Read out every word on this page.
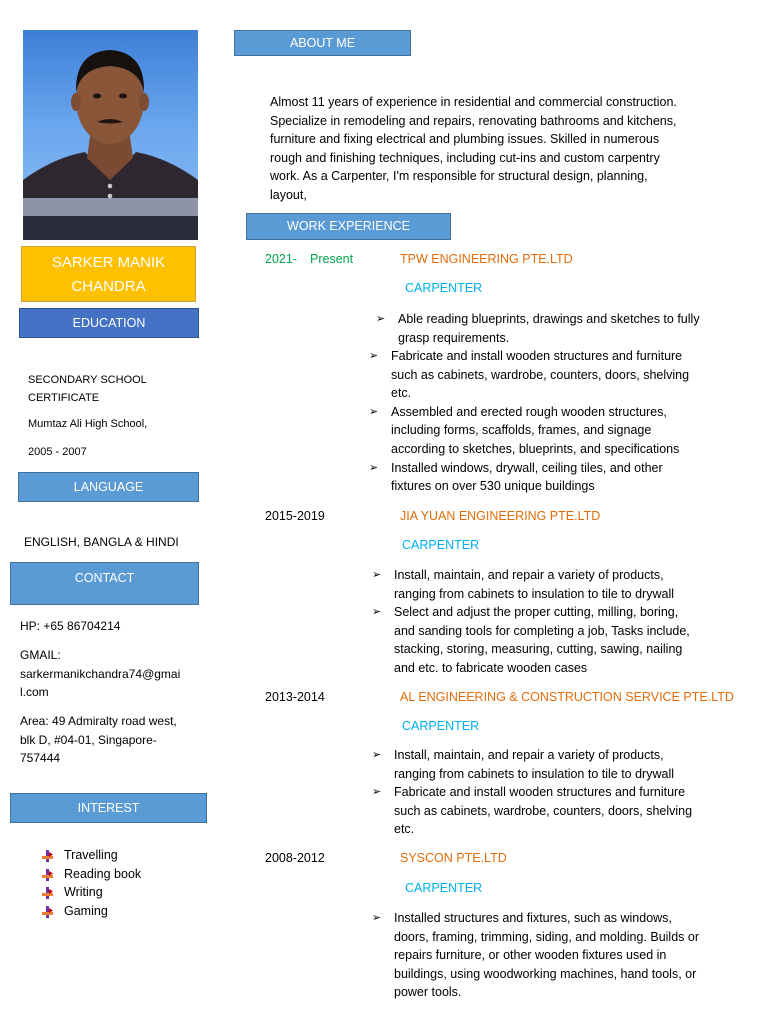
SARKER MANIK
CHANDRA
EDUCATION
SECONDARY SCHOOL
CERTIFICATE
Mumtaz Ali High School,
2005 - 2007
LANGUAGE
ENGLISH, BANGLA & HINDI
CONTACT
HP: +65 86704214
GMAIL:
sarkermanikchandra74@gmai
l.com
Area: 49 Admiralty road west,
blk D, #04-01, Singapore-
757444
INTEREST
Travelling
Reading book
Writing
Gaming
ABOUT ME
Almost 11 years of experience in residential and commercial construction.
Specialize in remodeling and repairs, renovating bathrooms and kitchens,
furniture and fixing electrical and plumbing issues. Skilled in numerous
rough and finishing techniques, including cut-ins and custom carpentry
work. As a Carpenter, I'm responsible for structural design, planning,
layout,
WORK EXPERIENCE
2021- Present	TPW ENGINEERING PTE.LTD
CARPENTER
➢ Able reading blueprints, drawings and sketches to fully
grasp requirements.
➢ Fabricate and install wooden structures and furniture
such as cabinets, wardrobe, counters, doors, shelving
etc.
➢ Assembled and erected rough wooden structures,
including forms, scaffolds, frames, and signage
according to sketches, blueprints, and specifications
➢ Installed windows, drywall, ceiling tiles, and other
fixtures on over 530 unique buildings
2015-2019	JIA YUAN ENGINEERING PTE.LTD
CARPENTER
➢ Install, maintain, and repair a variety of products,
ranging from cabinets to insulation to tile to drywall
➢ Select and adjust the proper cutting, milling, boring,
and sanding tools for completing a job, Tasks include,
stacking, storing, measuring, cutting, sawing, nailing
and etc. to fabricate wooden cases
2013-2014	AL ENGINEERING & CONSTRUCTION SERVICE PTE.LTD
CARPENTER
➢ Install, maintain, and repair a variety of products,
ranging from cabinets to insulation to tile to drywall
➢ Fabricate and install wooden structures and furniture
such as cabinets, wardrobe, counters, doors, shelving
etc.
2008-2012	SYSCON PTE.LTD
CARPENTER
➢ Installed structures and fixtures, such as windows,
doors, framing, trimming, siding, and molding. Builds or
repairs furniture, or other wooden fixtures used in
buildings, using woodworking machines, hand tools, or
power tools.
